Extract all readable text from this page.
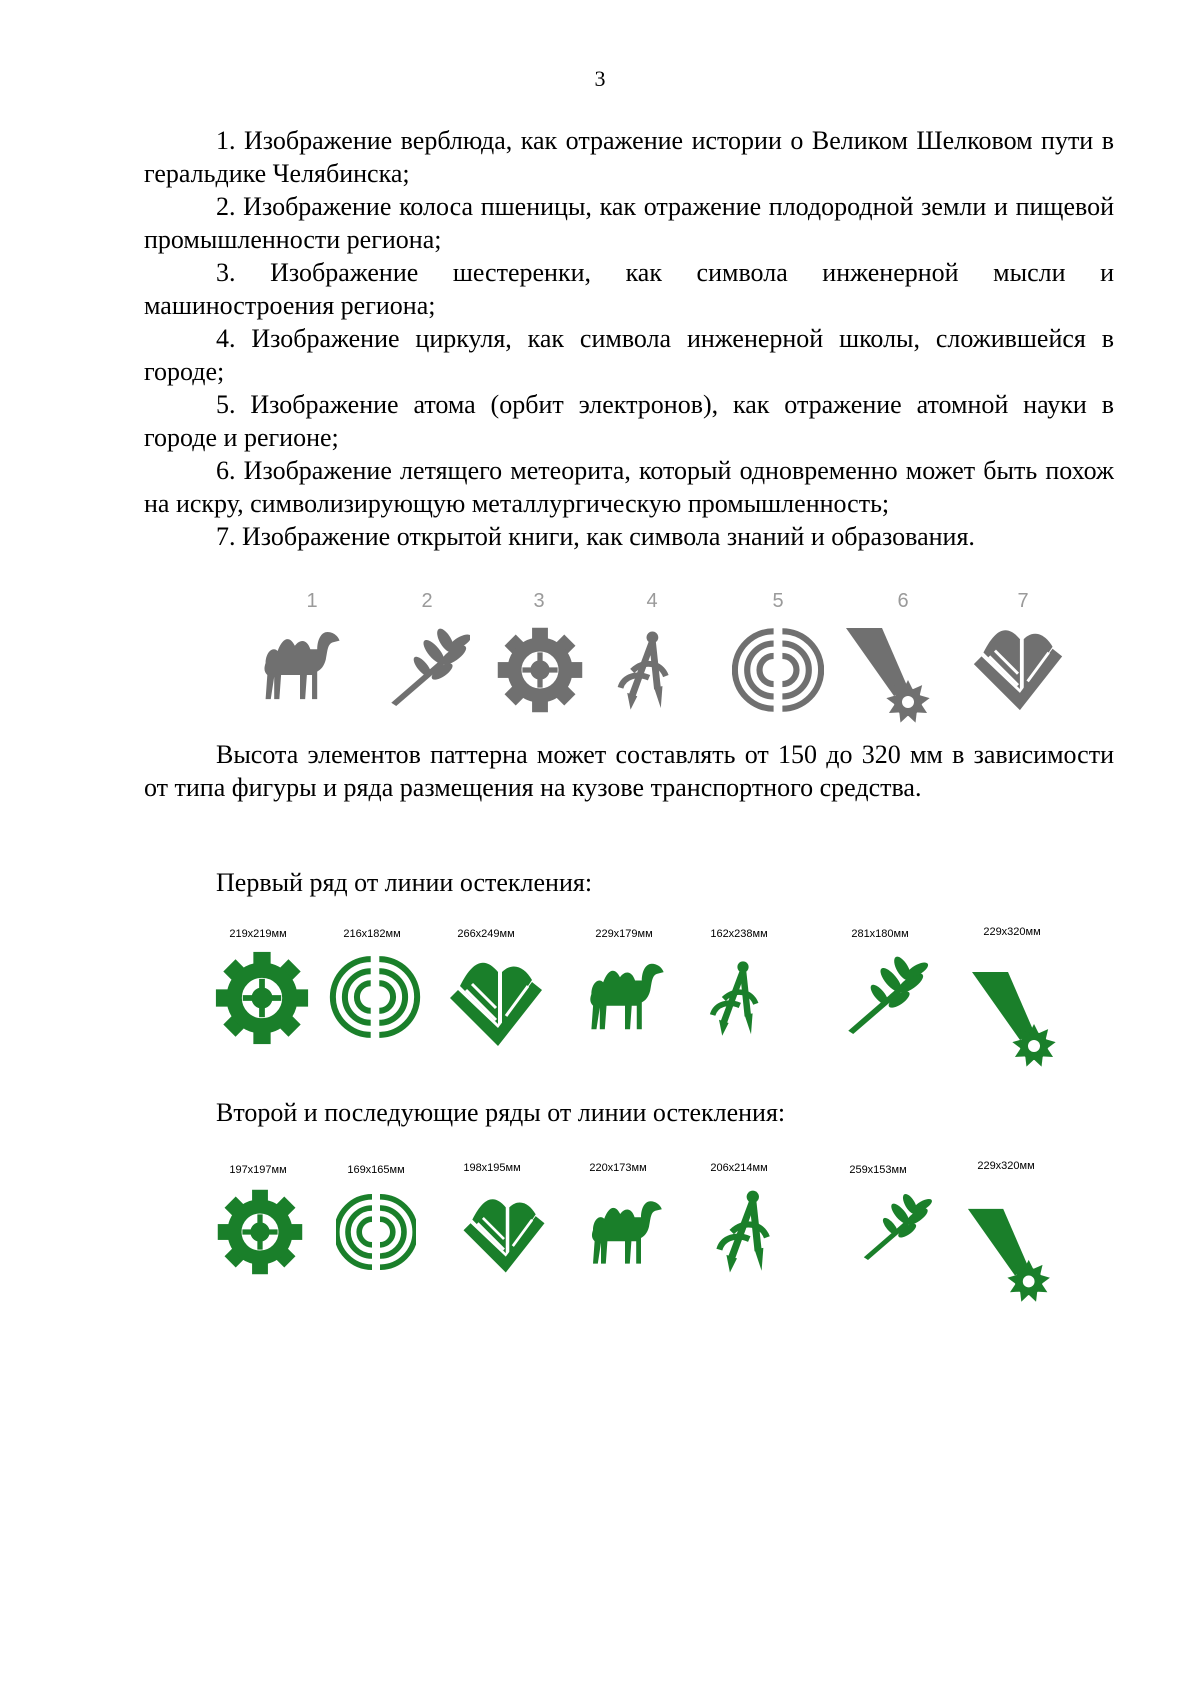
3

1. Изображение верблюда, как отражение истории о Великом Шелковом пути в геральдике Челябинска;

2. Изображение колоса пшеницы, как отражение плодородной земли и пищевой промышленности региона;

3. Изображение шестеренки, как символа инженерной мысли и машиностроения региона;

4. Изображение циркуля, как символа инженерной школы, сложившейся в городе;

5. Изображение атома (орбит электронов), как отражение атомной науки в городе и регионе;

6. Изображение летящего метеорита, который одновременно может быть похож на искру, символизирующую металлургическую промышленность;

7. Изображение открытой книги, как символа знаний и образования.

1	2	3	4	5	6	7

Высота элементов паттерна может составлять от 150 до 320 мм в зависимости от типа фигуры и ряда размещения на кузове транспортного средства.

Первый ряд от линии остекления:
219x219мм	216x182мм	266x249мм	229x179мм	162x238мм	281x180мм	229x320мм
Второй и последующие ряды от линии остекления:
197x197мм	169x165мм	198x195мм	220x173мм	206x214мм	259x153мм	229x320мм
